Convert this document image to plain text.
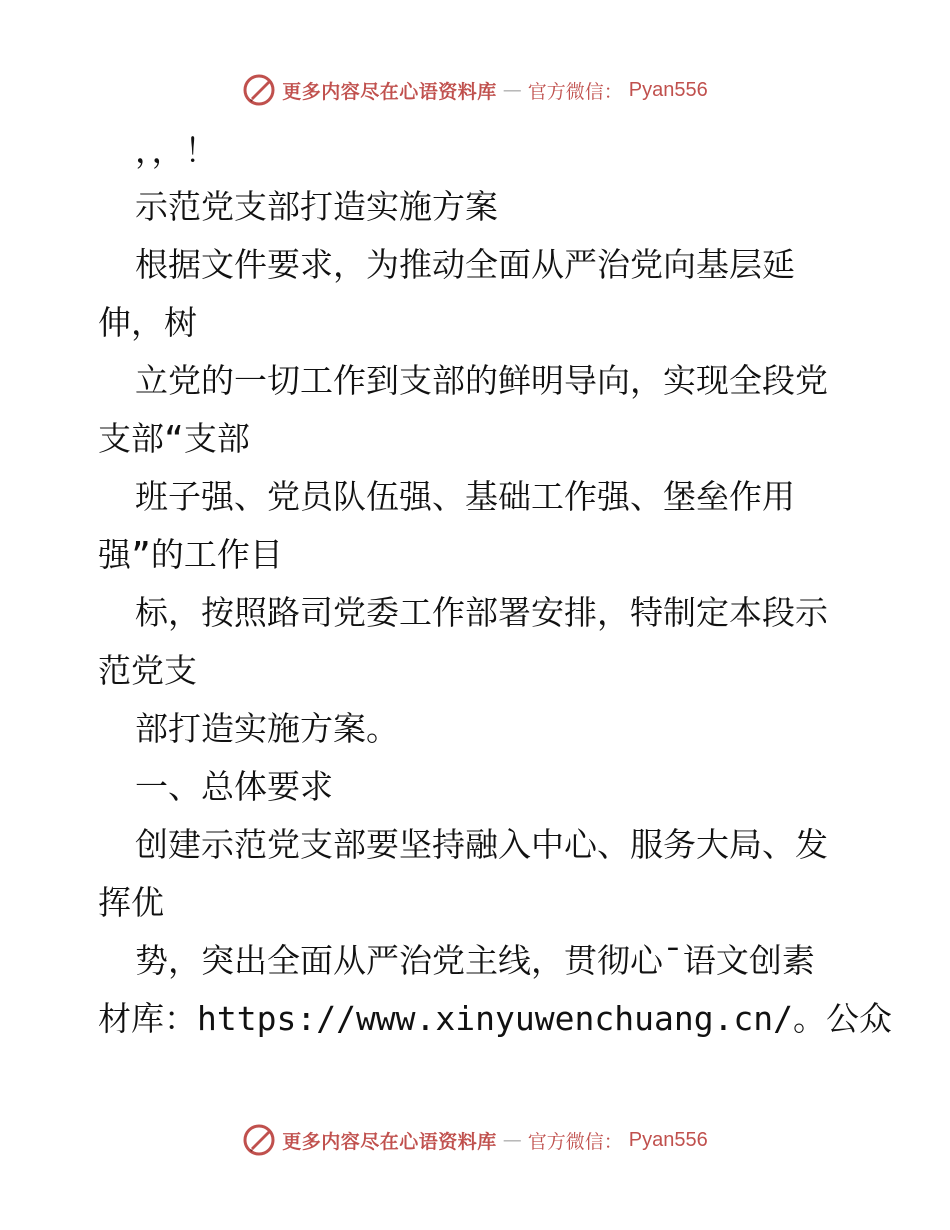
更多内容尽在心语资料库 — 官方微信： Pyan556
，，！
示范党支部打造实施方案
根据文件要求，为推动全面从严治党向基层延
伸，树
立党的一切工作到支部的鲜明导向，实现全段党
支部“支部
班子强、党员队伍强、基础工作强、堡垒作用
强”的工作目
标，按照路司党委工作部署安排，特制定本段示
范党支
部打造实施方案。
一、总体要求
创建示范党支部要坚持融入中心、服务大局、发
挥优
势，突出全面从严治党主线，贯彻心¯语文创素
材库：https://www.xinyuwenchuang.cn/。公众
更多内容尽在心语资料库 — 官方微信： Pyan556
